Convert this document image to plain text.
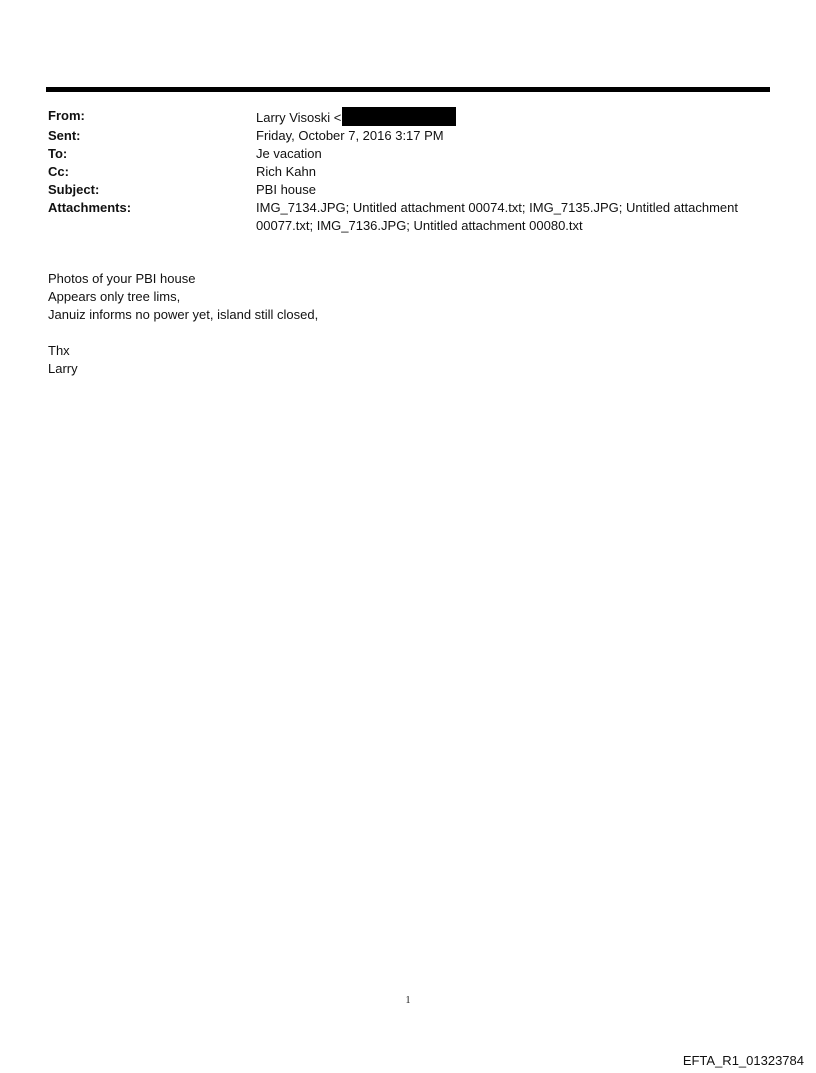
From:	Larry Visoski <
Sent:	Friday, October 7, 2016 3:17 PM
To:	Je vacation
Cc:	Rich Kahn
Subject:	PBI house
Attachments:	IMG_7134.JPG; Untitled attachment 00074.txt; IMG_7135.JPG; Untitled attachment
00077.txt; IMG_7136.JPG; Untitled attachment 00080.txt
Photos of your PBI house
Appears only tree lims,
Januiz informs no power yet, island still closed,
Thx
Larry
1
EFTA_R1_01323784
